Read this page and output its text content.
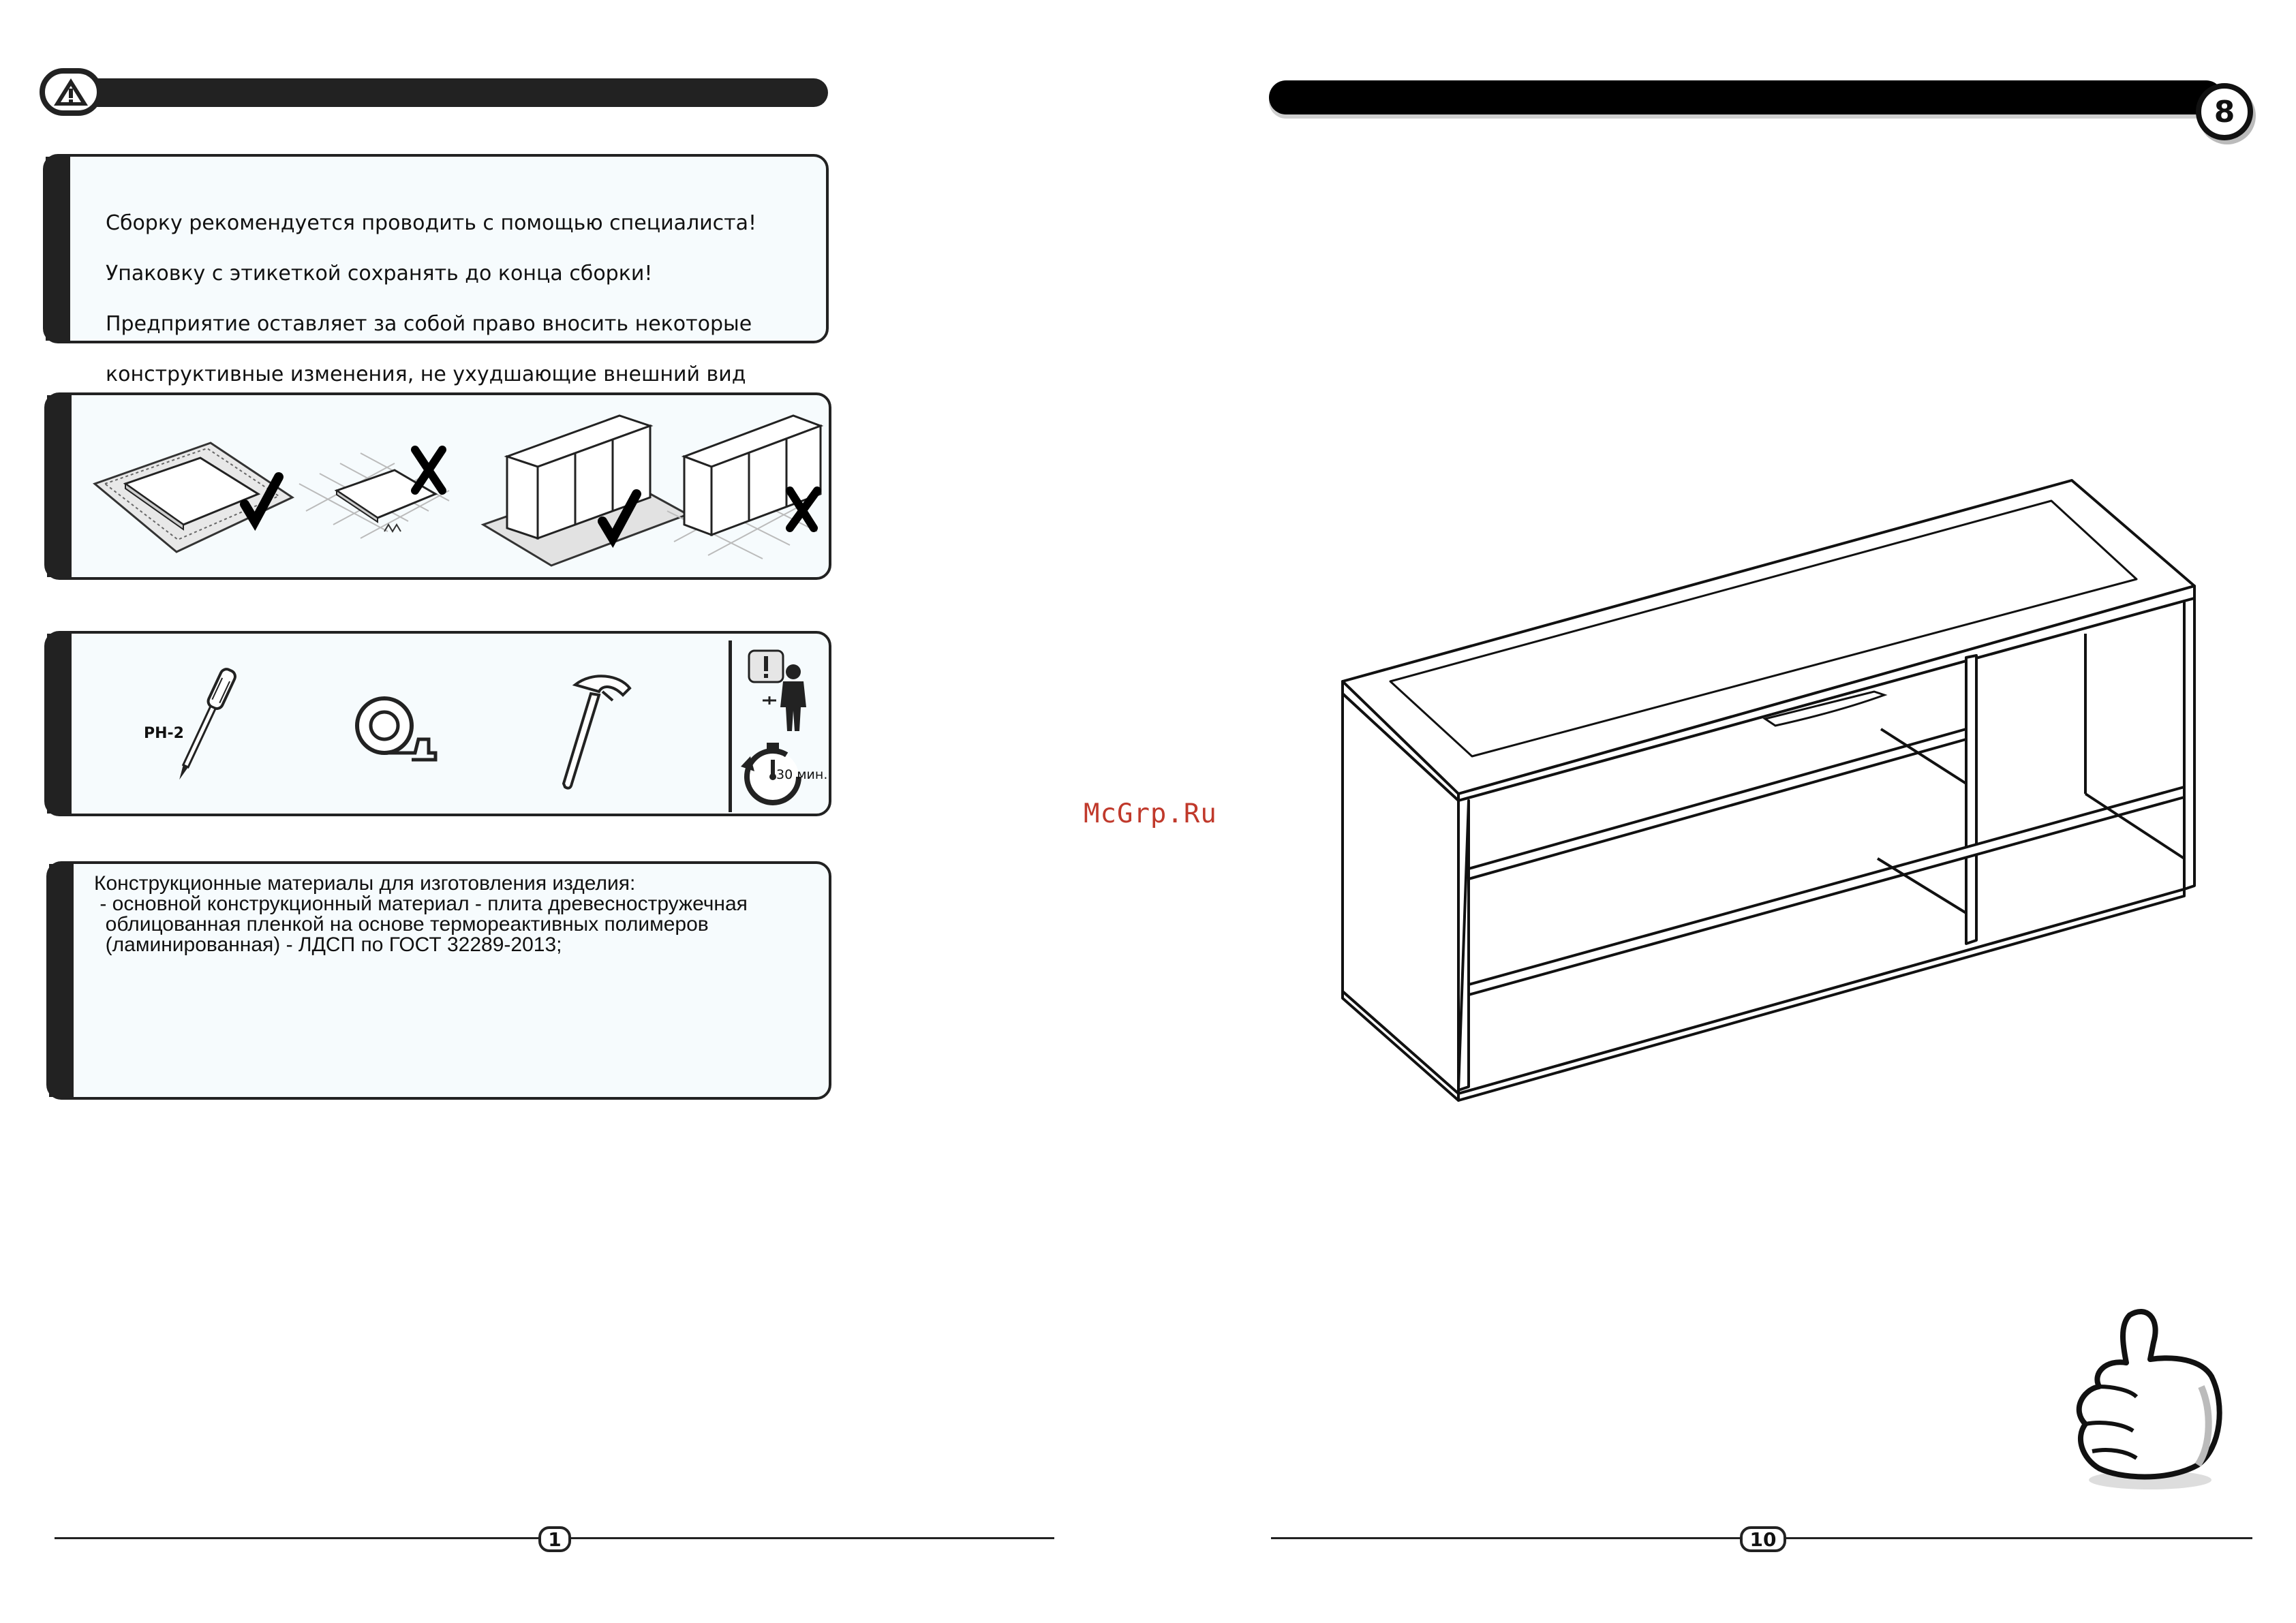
Сборку рекомендуется проводить с помощью специалиста!

Упаковку с этикеткой сохранять до конца сборки!

Предприятие оставляет за собой право вносить некоторые

конструктивные изменения, не ухудшающие внешний вид

PH-2
30 мин.
Конструкционные материалы для изготовления изделия:
- основной конструкционный материал - плита древесностружечная
облицованная пленкой на основе термореактивных полимеров
(ламинированная) - ЛДСП по ГОСТ 32289-2013;
1
McGrp.Ru
8
10
